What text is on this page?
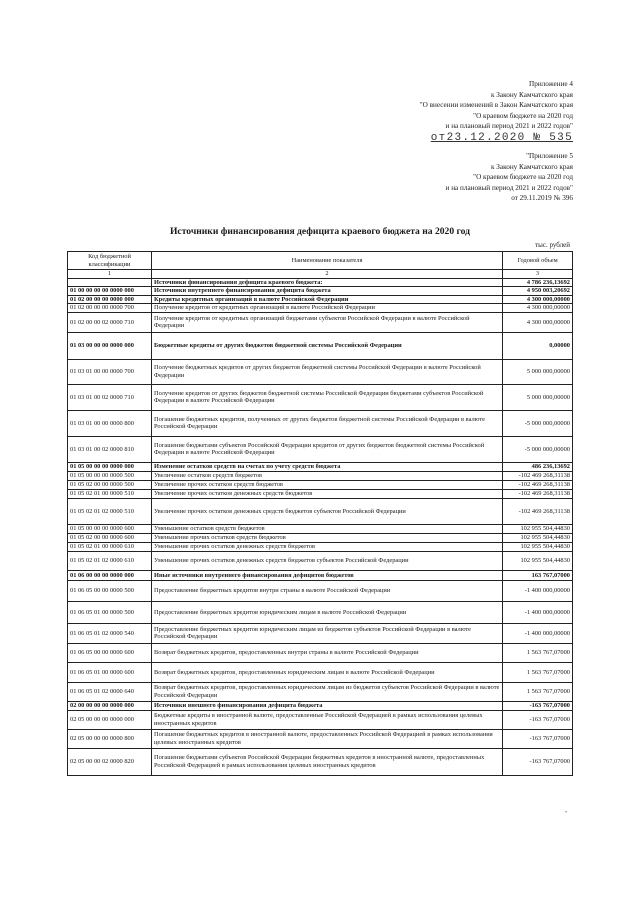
Приложение 4
к Закону Камчатского края
"О внесении изменений в Закон Камчатского края
"О краевом бюджете на 2020 год
и на плановый период 2021 и 2022 годов"
от23.12.2020 № 535
"Приложение 5
к Закону Камчатского края
"О краевом бюджете на 2020 год
и на плановый период 2021 и 2022 годов"
от 29.11.2019 № 396
Источники финансирования дефицита краевого бюджета на 2020 год
тыс. рублей
Код бюджетной классификации	Наименование показателя	Годовой объем
1	2	3
	Источники финансирования дефицита краевого бюджета:	4 786 236,13692
01 00 00 00 00 0000 000	Источники внутреннего финансирования дефицита бюджета	4 950 003,20692
01 02 00 00 00 0000 000	Кредиты кредитных организаций в валюте Российской Федерации	4 300 000,00000
01 02 00 00 00 0000 700	Получение кредитов от кредитных организаций в валюте Российской Федерации	4 300 000,00000
01 02 00 00 02 0000 710	Получение кредитов от кредитных организаций бюджетами субъектов Российской Федерации в валюте Российской Федерации	4 300 000,00000
01 03 00 00 00 0000 000	Бюджетные кредиты от других бюджетов бюджетной системы Российской Федерации	0,00000
01 03 01 00 00 0000 700	Получение бюджетных кредитов от других бюджетов бюджетной системы Российской Федерации в валюте Российской Федерации	5 000 000,00000
01 03 01 00 02 0000 710	Получение кредитов от других бюджетов бюджетной системы Российской Федерации бюджетами субъектов Российской Федерации в валюте Российской Федерации	5 000 000,00000
01 03 01 00 00 0000 800	Погашение бюджетных кредитов, полученных от других бюджетов бюджетной системы Российской Федерации в валюте Российской Федерации	-5 000 000,00000
01 03 01 00 02 0000 810	Погашение бюджетами субъектов Российской Федерации кредитов от других бюджетов бюджетной системы Российской Федерации в валюте Российской Федерации	-5 000 000,00000
01 05 00 00 00 0000 000	Изменение остатков средств на счетах по учету средств бюджета	486 236,13692
01 05 00 00 00 0000 500	Увеличение остатков средств бюджетов	-102 469 268,31138
01 05 02 00 00 0000 500	Увеличение прочих остатков средств бюджетов	-102 469 268,31138
01 05 02 01 00 0000 510	Увеличение прочих остатков денежных средств бюджетов	-102 469 268,31138
01 05 02 01 02 0000 510	Увеличение прочих остатков денежных средств бюджетов субъектов Российской Федерации	-102 469 268,31138
01 05 00 00 00 0000 600	Уменьшение остатков средств бюджетов	102 955 504,44830
01 05 02 00 00 0000 600	Уменьшение прочих остатков средств бюджетов	102 955 504,44830
01 05 02 01 00 0000 610	Уменьшение прочих остатков денежных средств бюджетов	102 955 504,44830
01 05 02 01 02 0000 610	Уменьшение прочих остатков денежных средств бюджетов субъектов Российской Федерации	102 955 504,44830
01 06 00 00 00 0000 000	Иные источники внутреннего финансирования дефицитов бюджетов	163 767,07000
01 06 05 00 00 0000 500	Предоставление бюджетных кредитов внутри страны в валюте Российской Федерации	-1 400 000,00000
01 06 05 01 00 0000 500	Предоставление бюджетных кредитов юридическим лицам в валюте Российской Федерации	-1 400 000,00000
01 06 05 01 02 0000 540	Предоставление бюджетных кредитов юридическим лицам из бюджетов субъектов Российской Федерации в валюте Российской Федерации	-1 400 000,00000
01 06 05 00 00 0000 600	Возврат бюджетных кредитов, предоставленных внутри страны в валюте Российской Федерации	1 563 767,07000
01 06 05 01 00 0000 600	Возврат бюджетных кредитов, предоставленных юридическим лицам в валюте Российской Федерации	1 563 767,07000
01 06 05 01 02 0000 640	Возврат бюджетных кредитов, предоставленных юридическим лицам из бюджетов субъектов Российской Федерации в валюте Российской Федерации	1 563 767,07000
02 00 00 00 00 0000 000	Источники внешнего финансирования дефицита бюджета	-163 767,07000
02 05 00 00 00 0000 000	Бюджетные кредиты в иностранной валюте, предоставленные Российской Федерацией в рамках использования целевых иностранных кредитов	-163 767,07000
02 05 00 00 00 0000 800	Погашение бюджетных кредитов в иностранной валюте, предоставленных Российской Федерацией в рамках использования целевых иностранных кредитов	-163 767,07000
02 05 00 00 02 0000 820	Погашение бюджетами субъектов Российской Федерации бюджетных кредитов в иностранной валюте, предоставленных Российской Федерацией в рамках использования целевых иностранных кредитов	-163 767,07000
"
